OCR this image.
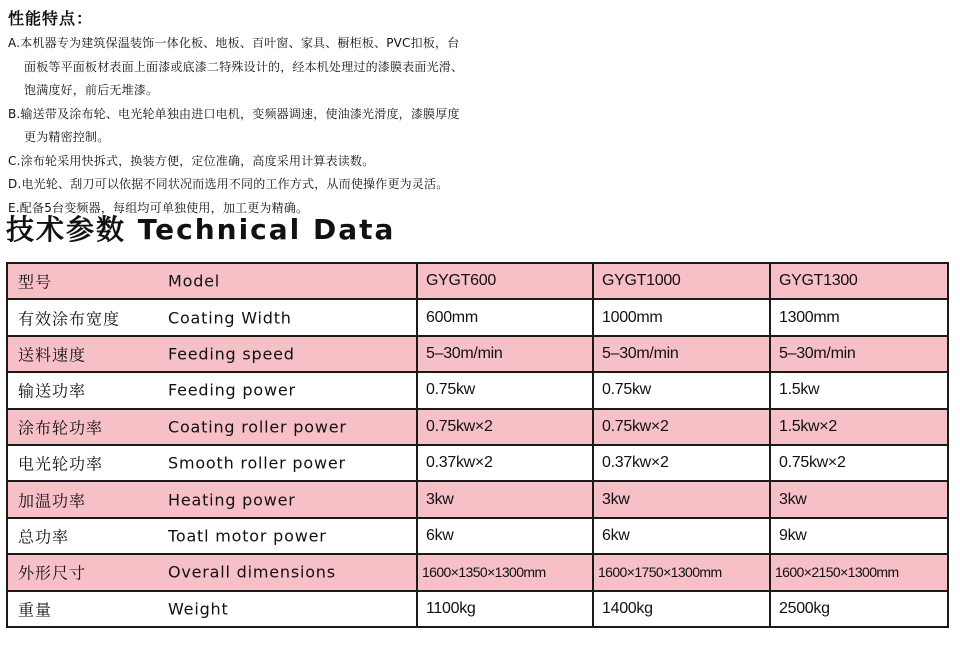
性能特点：
A.本机器专为建筑保温装饰一体化板、地板、百叶窗、家具、橱柜板、PVC扣板，台
面板等平面板材表面上面漆或底漆二特殊设计的，经本机处理过的漆膜表面光滑、
饱满度好，前后无堆漆。
B.输送带及涂布轮、电光轮单独由进口电机，变频器调速，使油漆光滑度，漆膜厚度
更为精密控制。
C.涂布轮采用快拆式，换装方便，定位准确，高度采用计算表读数。
D.电光轮、刮刀可以依据不同状况而选用不同的工作方式，从而使操作更为灵活。
E.配备5台变频器，每组均可单独使用，加工更为精确。
技术参数 Technical Data
型号 Model	GYGT600	GYGT1000	GYGT1300

有效涂布宽度 Coating Width	600mm	1000mm	1300mm

送料速度 Feeding speed	5–30m/min	5–30m/min	5–30m/min

输送功率 Feeding power	0.75kw	0.75kw	1.5kw

涂布轮功率 Coating roller power	0.75kw×2	0.75kw×2	1.5kw×2

电光轮功率 Smooth roller power	0.37kw×2	0.37kw×2	0.75kw×2

加温功率 Heating power	3kw	3kw	3kw

总功率 Toatl motor power	6kw	6kw	9kw

外形尺寸 Overall dimensions	1600×1350×1300mm	1600×1750×1300mm	1600×2150×1300mm

重量 Weight	1100kg	1400kg	2500kg
